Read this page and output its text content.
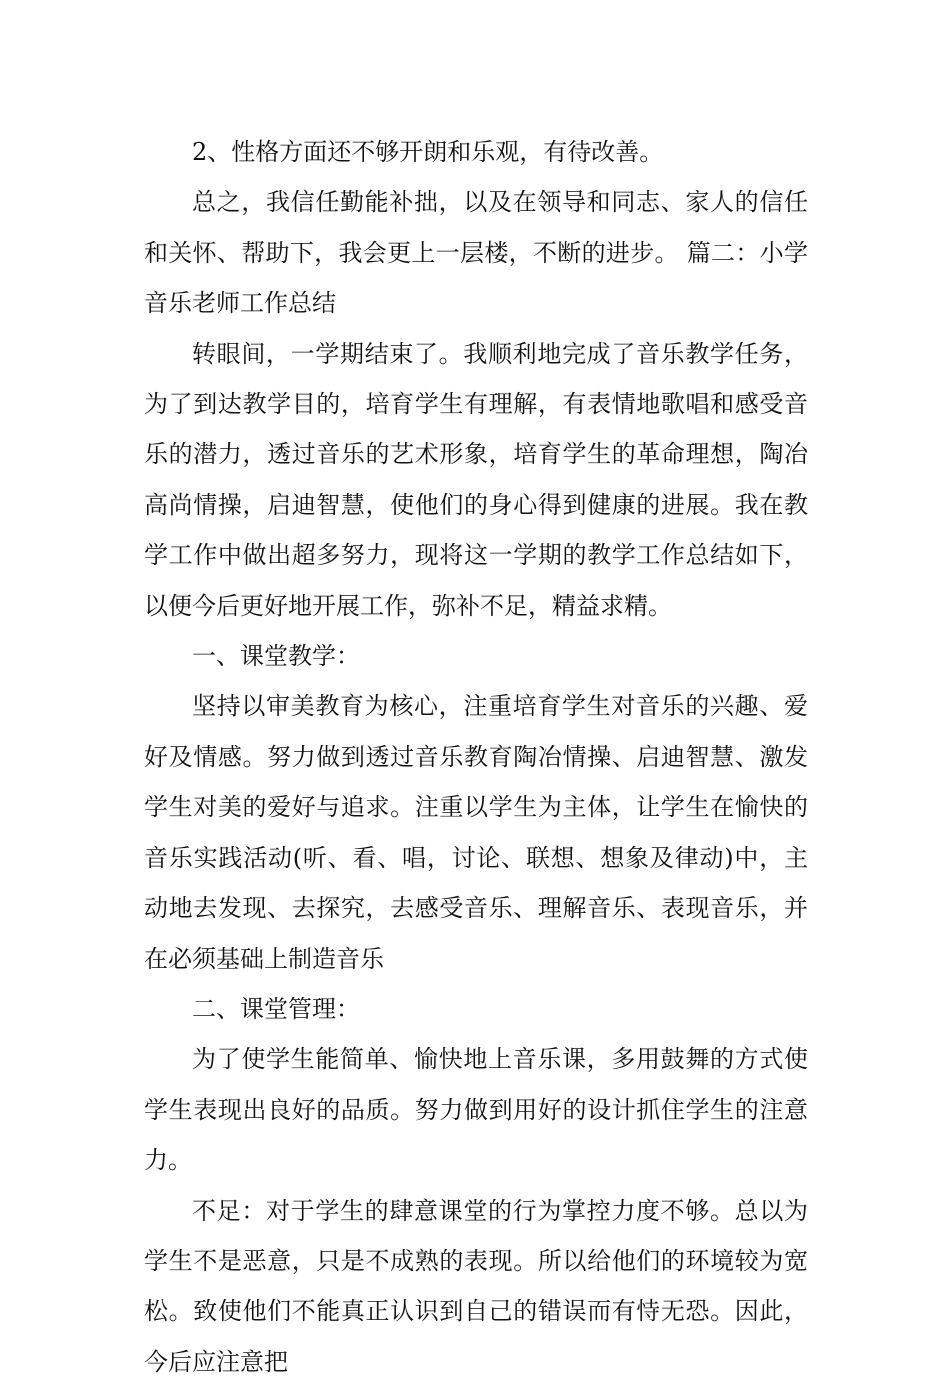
2、性格方面还不够开朗和乐观，有待改善。

总之，我信任勤能补拙，以及在领导和同志、家人的信任和关怀、帮助下，我会更上一层楼，不断的进步。 篇二：小学音乐老师工作总结

转眼间，一学期结束了。我顺利地完成了音乐教学任务，为了到达教学目的，培育学生有理解，有表情地歌唱和感受音乐的潜力，透过音乐的艺术形象，培育学生的革命理想，陶冶高尚情操，启迪智慧，使他们的身心得到健康的进展。我在教学工作中做出超多努力，现将这一学期的教学工作总结如下，以便今后更好地开展工作，弥补不足，精益求精。

一、课堂教学：

坚持以审美教育为核心，注重培育学生对音乐的兴趣、爱好及情感。努力做到透过音乐教育陶冶情操、启迪智慧、激发学生对美的爱好与追求。注重以学生为主体，让学生在愉快的音乐实践活动(听、看、唱，讨论、联想、想象及律动)中，主动地去发现、去探究，去感受音乐、理解音乐、表现音乐，并在必须基础上制造音乐

二、课堂管理：

为了使学生能简单、愉快地上音乐课，多用鼓舞的方式使学生表现出良好的品质。努力做到用好的设计抓住学生的注意力。

不足：对于学生的肆意课堂的行为掌控力度不够。总以为学生不是恶意，只是不成熟的表现。所以给他们的环境较为宽松。致使他们不能真正认识到自己的错误而有恃无恐。因此，今后应注意把
